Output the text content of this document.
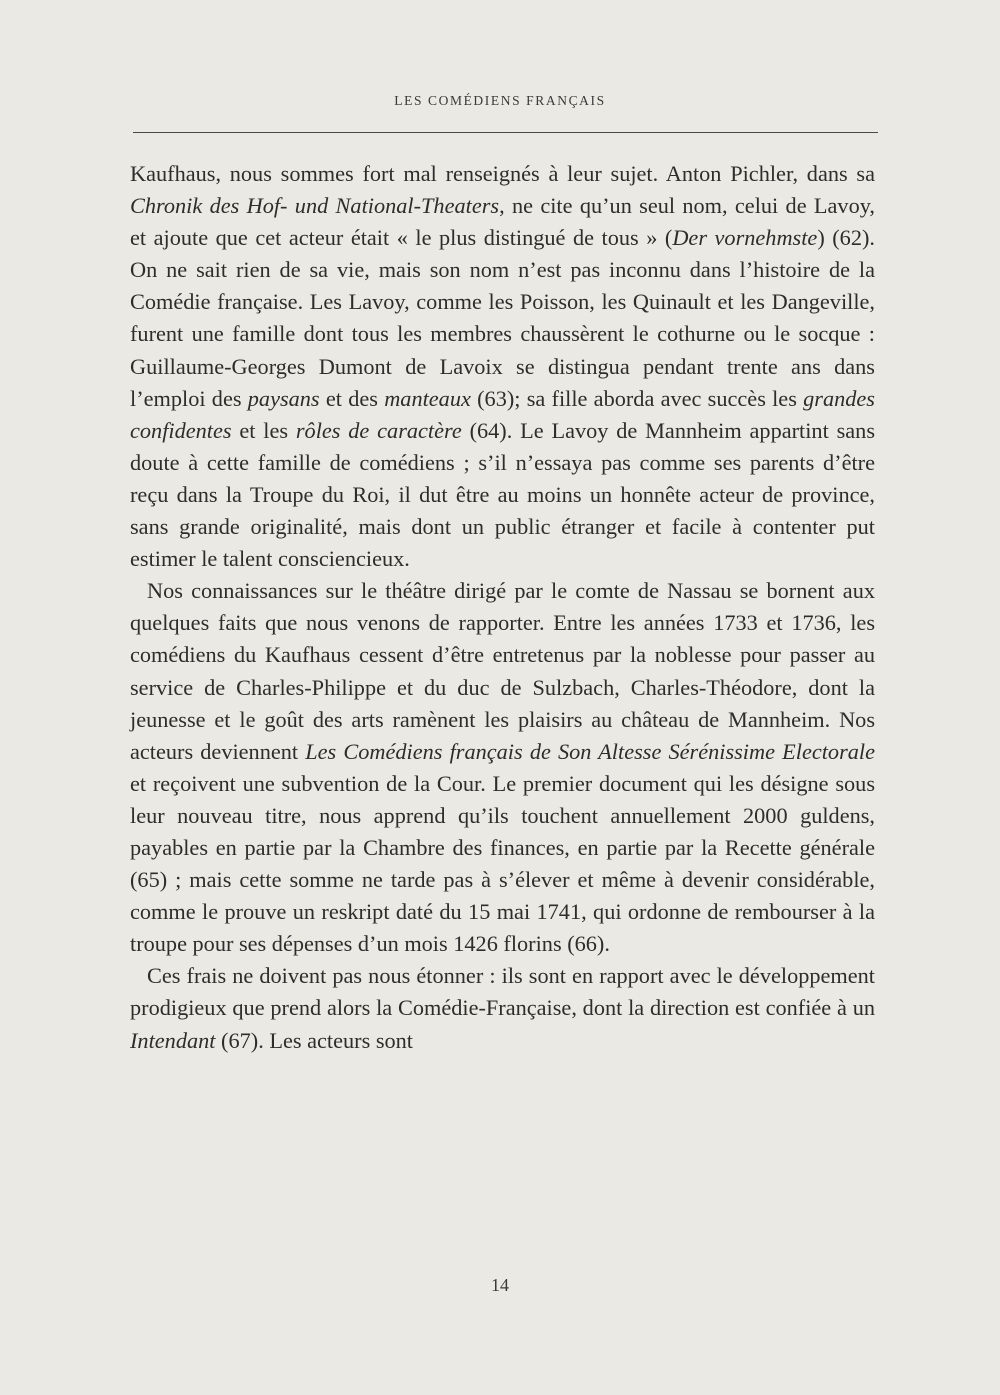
LES COMÉDIENS FRANÇAIS

Kaufhaus, nous sommes fort mal renseignés à leur sujet. Anton Pichler, dans sa Chronik des Hof- und National-Theaters, ne cite qu’un seul nom, celui de Lavoy, et ajoute que cet acteur était « le plus distingué de tous » (Der vornehmste) (62). On ne sait rien de sa vie, mais son nom n’est pas inconnu dans l’histoire de la Comédie française. Les Lavoy, comme les Poisson, les Quinault et les Dangeville, furent une famille dont tous les membres chaussèrent le cothurne ou le socque : Guillaume-Georges Dumont de Lavoix se distingua pendant trente ans dans l’emploi des paysans et des manteaux (63); sa fille aborda avec succès les grandes confidentes et les rôles de caractère (64). Le Lavoy de Mannheim appartint sans doute à cette famille de comédiens ; s’il n’essaya pas comme ses parents d’être reçu dans la Troupe du Roi, il dut être au moins un honnête acteur de province, sans grande originalité, mais dont un public étranger et facile à contenter put estimer le talent consciencieux.

Nos connaissances sur le théâtre dirigé par le comte de Nassau se bornent aux quelques faits que nous venons de rapporter. Entre les années 1733 et 1736, les comédiens du Kaufhaus cessent d’être entretenus par la noblesse pour passer au service de Charles-Philippe et du duc de Sulzbach, Charles-Théodore, dont la jeunesse et le goût des arts ramènent les plaisirs au château de Mannheim. Nos acteurs deviennent Les Comédiens français de Son Altesse Sérénissime Electorale et reçoivent une subvention de la Cour. Le premier document qui les désigne sous leur nouveau titre, nous apprend qu’ils touchent annuellement 2000 guldens, payables en partie par la Chambre des finances, en partie par la Recette générale (65) ; mais cette somme ne tarde pas à s’élever et même à devenir considérable, comme le prouve un reskript daté du 15 mai 1741, qui ordonne de rembourser à la troupe pour ses dépenses d’un mois 1426 florins (66).

Ces frais ne doivent pas nous étonner : ils sont en rapport avec le développement prodigieux que prend alors la Comédie-Française, dont la direction est confiée à un Intendant (67). Les acteurs sont

14
